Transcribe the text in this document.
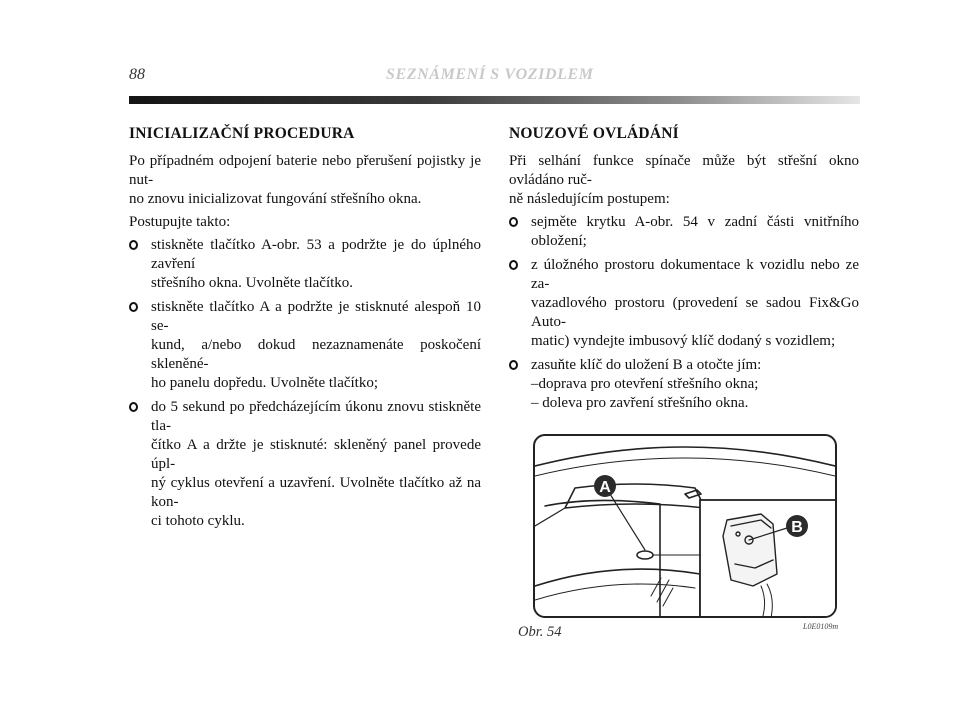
88	SEZNÁMENÍ S VOZIDLEM
INICIALIZAČNÍ PROCEDURA

Po případném odpojení baterie nebo přerušení pojistky je nut-
no znovu inicializovat fungování střešního okna.

Postupujte takto:

stiskněte tlačítko A-obr. 53 a podržte je do úplného zavření
střešního okna. Uvolněte tlačítko.
stiskněte tlačítko A a podržte je stisknuté alespoň 10 se-
kund, a/nebo dokud nezaznamenáte poskočení skleněné-
ho panelu dopředu. Uvolněte tlačítko;
do 5 sekund po předcházejícím úkonu znovu stiskněte tla-
čítko A a držte je stisknuté: skleněný panel provede úpl-
ný cyklus otevření a uzavření. Uvolněte tlačítko až na kon-
ci tohoto cyklu.
NOUZOVÉ OVLÁDÁNÍ

Při selhání funkce spínače může být střešní okno ovládáno ruč-
ně následujícím postupem:

sejměte krytku A-obr. 54 v zadní části vnitřního obložení;
z úložného prostoru dokumentace k vozidlu nebo ze za-
vazadlového prostoru (provedení se sadou Fix&Go Auto-
matic) vyndejte imbusový klíč dodaný s vozidlem;
zasuňte klíč do uložení B a otočte jím:
–doprava pro otevření střešního okna;
– doleva pro zavření střešního okna.
A
B
Obr. 54	L0E0109m
